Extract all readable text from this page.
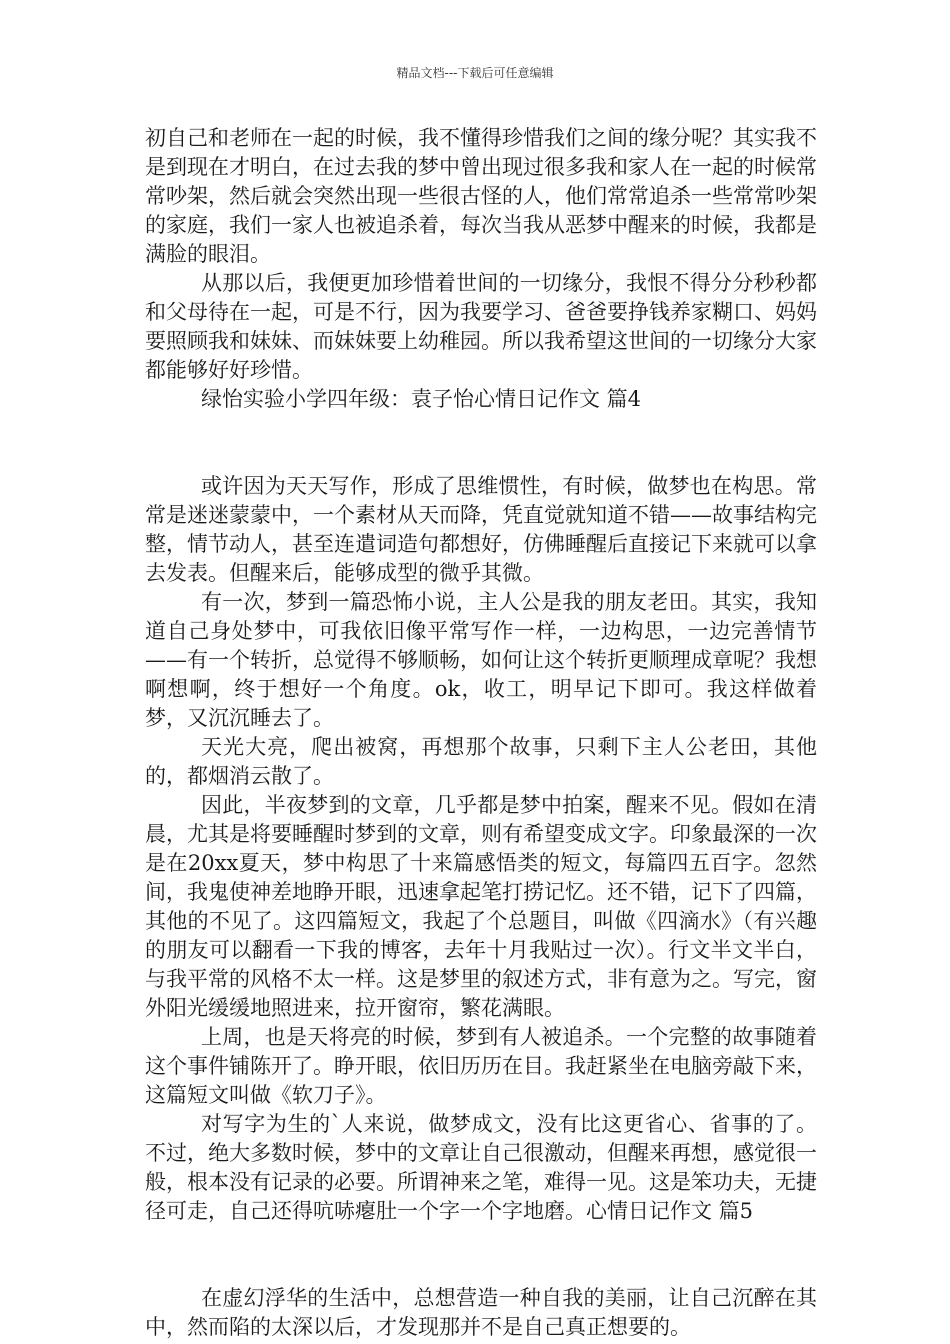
精品文档---下载后可任意编辑

初自己和老师在一起的时候，我不懂得珍惜我们之间的缘分呢？其实我不是到现在才明白，在过去我的梦中曾出现过很多我和家人在一起的时候常常吵架，然后就会突然出现一些很古怪的人，他们常常追杀一些常常吵架的家庭，我们一家人也被追杀着，每次当我从恶梦中醒来的时候，我都是满脸的眼泪。

从那以后，我便更加珍惜着世间的一切缘分，我恨不得分分秒秒都和父母待在一起，可是不行，因为我要学习、爸爸要挣钱养家糊口、妈妈要照顾我和妹妹、而妹妹要上幼稚园。所以我希望这世间的一切缘分大家都能够好好珍惜。

绿怡实验小学四年级：袁子怡心情日记作文 篇4

或许因为天天写作，形成了思维惯性，有时候，做梦也在构思。常常是迷迷蒙蒙中，一个素材从天而降，凭直觉就知道不错——故事结构完整，情节动人，甚至连遣词造句都想好，仿佛睡醒后直接记下来就可以拿去发表。但醒来后，能够成型的微乎其微。

有一次，梦到一篇恐怖小说，主人公是我的朋友老田。其实，我知道自己身处梦中，可我依旧像平常写作一样，一边构思，一边完善情节——有一个转折，总觉得不够顺畅，如何让这个转折更顺理成章呢？我想啊想啊，终于想好一个角度。ok，收工，明早记下即可。我这样做着梦，又沉沉睡去了。

天光大亮，爬出被窝，再想那个故事，只剩下主人公老田，其他的，都烟消云散了。

因此，半夜梦到的文章，几乎都是梦中拍案，醒来不见。假如在清晨，尤其是将要睡醒时梦到的文章，则有希望变成文字。印象最深的一次是在20xx夏天，梦中构思了十来篇感悟类的短文，每篇四五百字。忽然间，我鬼使神差地睁开眼，迅速拿起笔打捞记忆。还不错，记下了四篇，其他的不见了。这四篇短文，我起了个总题目，叫做《四滴水》（有兴趣的朋友可以翻看一下我的博客，去年十月我贴过一次）。行文半文半白，与我平常的风格不太一样。这是梦里的叙述方式，非有意为之。写完，窗外阳光缓缓地照进来，拉开窗帘，繁花满眼。

上周，也是天将亮的时候，梦到有人被追杀。一个完整的故事随着这个事件铺陈开了。睁开眼，依旧历历在目。我赶紧坐在电脑旁敲下来，这篇短文叫做《软刀子》。

对写字为生的`人来说，做梦成文，没有比这更省心、省事的了。不过，绝大多数时候，梦中的文章让自己很激动，但醒来再想，感觉很一般，根本没有记录的必要。所谓神来之笔，难得一见。这是笨功夫，无捷径可走，自己还得吭哧瘪肚一个字一个字地磨。心情日记作文 篇5

在虚幻浮华的生活中，总想营造一种自我的美丽，让自己沉醉在其中，然而陷的太深以后，才发现那并不是自己真正想要的。
